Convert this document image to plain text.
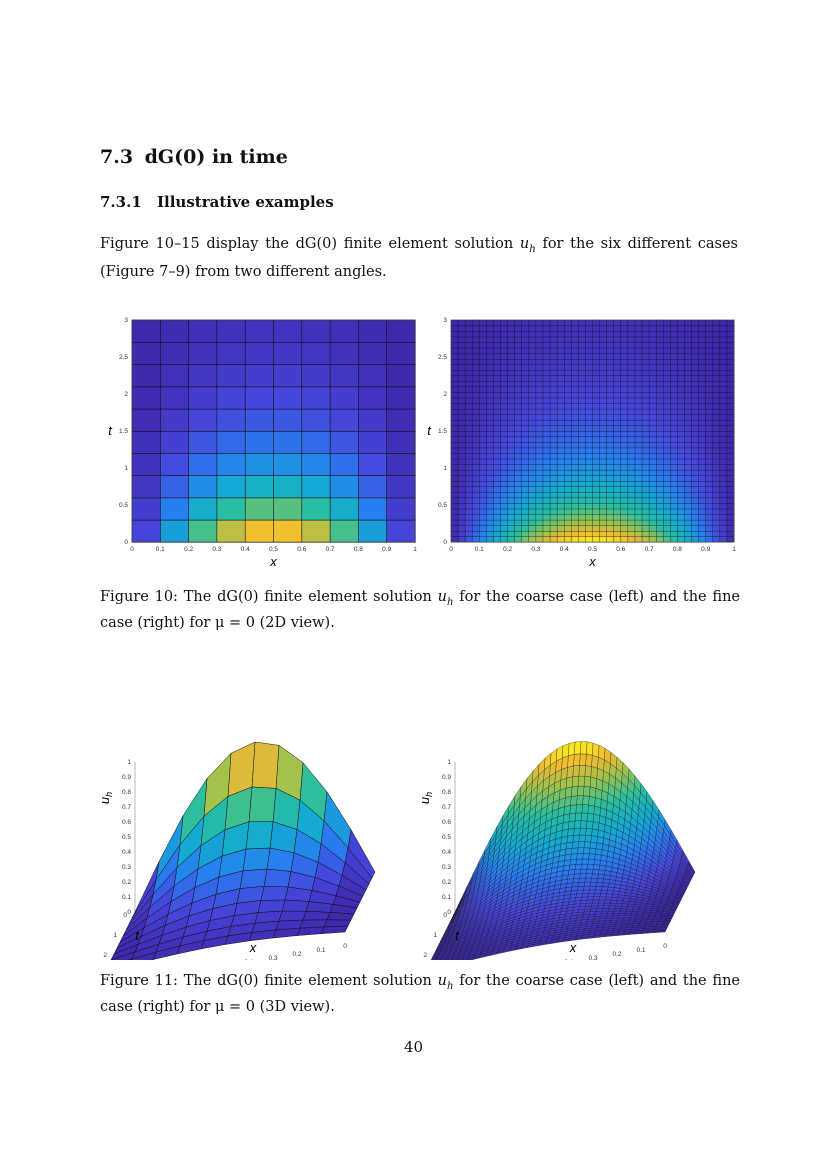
7.3 dG(0) in time
7.3.1 Illustrative examples

Figure 10–15 display the dG(0) finite element solution $u_h$ for the six different cases (Figure 7–9) from two different angles.

0	0.1	0.2	0.3	0.4	0.5	0.6	0.7	0.8	0.9	1
0
0.5
1
1.5
2
2.5
3
x
t
0	0.1	0.2	0.3	0.4	0.5	0.6	0.7	0.8	0.9	1
0
0.5
1
1.5
2
2.5
3
x
t

Figure 10: The dG(0) finite element solution $u_h$ for the coarse case (left) and the fine case (right) for μ = 0 (2D view).

0
0.1
0.2
0.3
0.4
0.5
0.6
0.7
0.8
0.9
1
0.3
0.2
0.1
0
0
1
2
x
t
$u_h$
0
0.1
0.2
0.3
0.4
0.5
0.6
0.7
0.8
0.9
1
0.3
0.2
0.1
0
0
1
2
x
t
$u_h$

Figure 11: The dG(0) finite element solution $u_h$ for the coarse case (left) and the fine case (right) for μ = 0 (3D view).

40
